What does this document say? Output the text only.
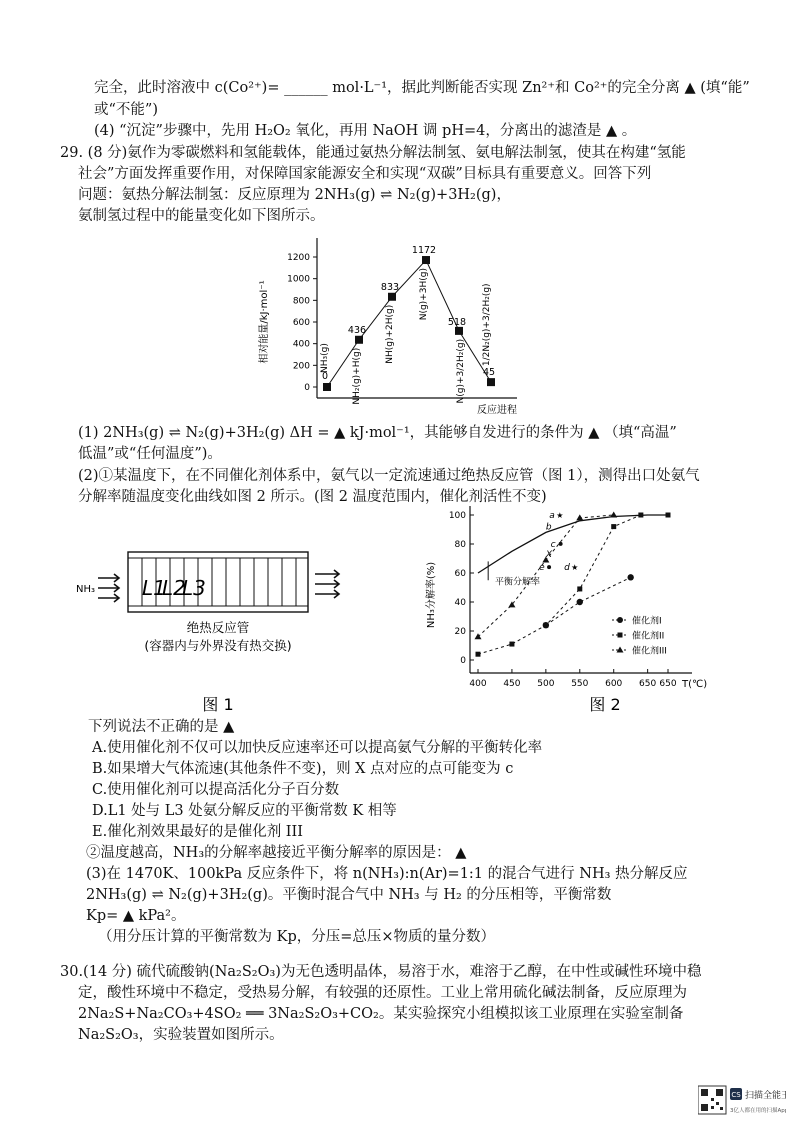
完全，此时溶液中 c(Co²⁺)= ______ mol·L⁻¹，据此判断能否实现 Zn²⁺和 Co²⁺的完全分离 ▲ (填“能”
或“不能”)
(4) “沉淀”步骤中，先用 H₂O₂ 氧化，再用 NaOH 调 pH=4，分离出的滤渣是 ▲ 。
29. (8 分)氨作为零碳燃料和氢能载体，能通过氨热分解法制氢、氨电解法制氢，使其在构建“氢能
社会”方面发挥重要作用，对保障国家能源安全和实现“双碳”目标具有重要意义。回答下列
问题：氨热分解法制氢：反应原理为 2NH₃(g) ⇌ N₂(g)+3H₂(g)，
氨制氢过程中的能量变化如下图所示。
相对能量/kJ·mol⁻¹
0
200
400
600
800
1000
1200
0
NH₃(g)
436
NH₂(g)+H(g)
833
NH(g)+2H(g)
1172
N(g)+3H(g)
518
N(g)+3/2H₂(g) 45
1/2N₂(g)+3/2H₂(g)
反应进程
(1) 2NH₃(g) ⇌ N₂(g)+3H₂(g) ΔH = ▲ kJ·mol⁻¹，其能够自发进行的条件为 ▲ （填“高温”
低温”或“任何温度”)。
(2)①某温度下，在不同催化剂体系中，氨气以一定流速通过绝热反应管（图 1），测得出口处氨气
分解率随温度变化曲线如图 2 所示。(图 2 温度范围内，催化剂活性不变)
NH₃ L1
L2
L3
绝热反应管
(容器内与外界没有热交换)
图 1
NH₃分解率(%)
0
20
40
60
80
100
400 450 500 550 600 650 650
催化剂I
催化剂II
催化剂III
a ★
b
c
X
d ★
e
平衡分解率
T(℃)
图 2
下列说法不正确的是 ▲
A.使用催化剂不仅可以加快反应速率还可以提高氨气分解的平衡转化率
B.如果增大气体流速(其他条件不变)，则 X 点对应的点可能变为 c
C.使用催化剂可以提高活化分子百分数
D.L1 处与 L3 处氨分解反应的平衡常数 K 相等
E.催化剂效果最好的是催化剂 III
②温度越高，NH₃的分解率越接近平衡分解率的原因是： ▲
(3)在 1470K、100kPa 反应条件下，将 n(NH₃):n(Ar)=1:1 的混合气进行 NH₃ 热分解反应
2NH₃(g) ⇌ N₂(g)+3H₂(g)。平衡时混合气中 NH₃ 与 H₂ 的分压相等，平衡常数
Kp= ▲ kPa²。
（用分压计算的平衡常数为 Kp，分压=总压×物质的量分数）
30.(14 分) 硫代硫酸钠(Na₂S₂O₃)为无色透明晶体，易溶于水，难溶于乙醇，在中性或碱性环境中稳
定，酸性环境中不稳定，受热易分解，有较强的还原性。工业上常用硫化碱法制备，反应原理为
2Na₂S+Na₂CO₃+4SO₂ ══ 3Na₂S₂O₃+CO₂。某实验探究小组模拟该工业原理在实验室制备
Na₂S₂O₃，实验装置如图所示。
CS 扫描全能王
3亿人都在用的扫描App
